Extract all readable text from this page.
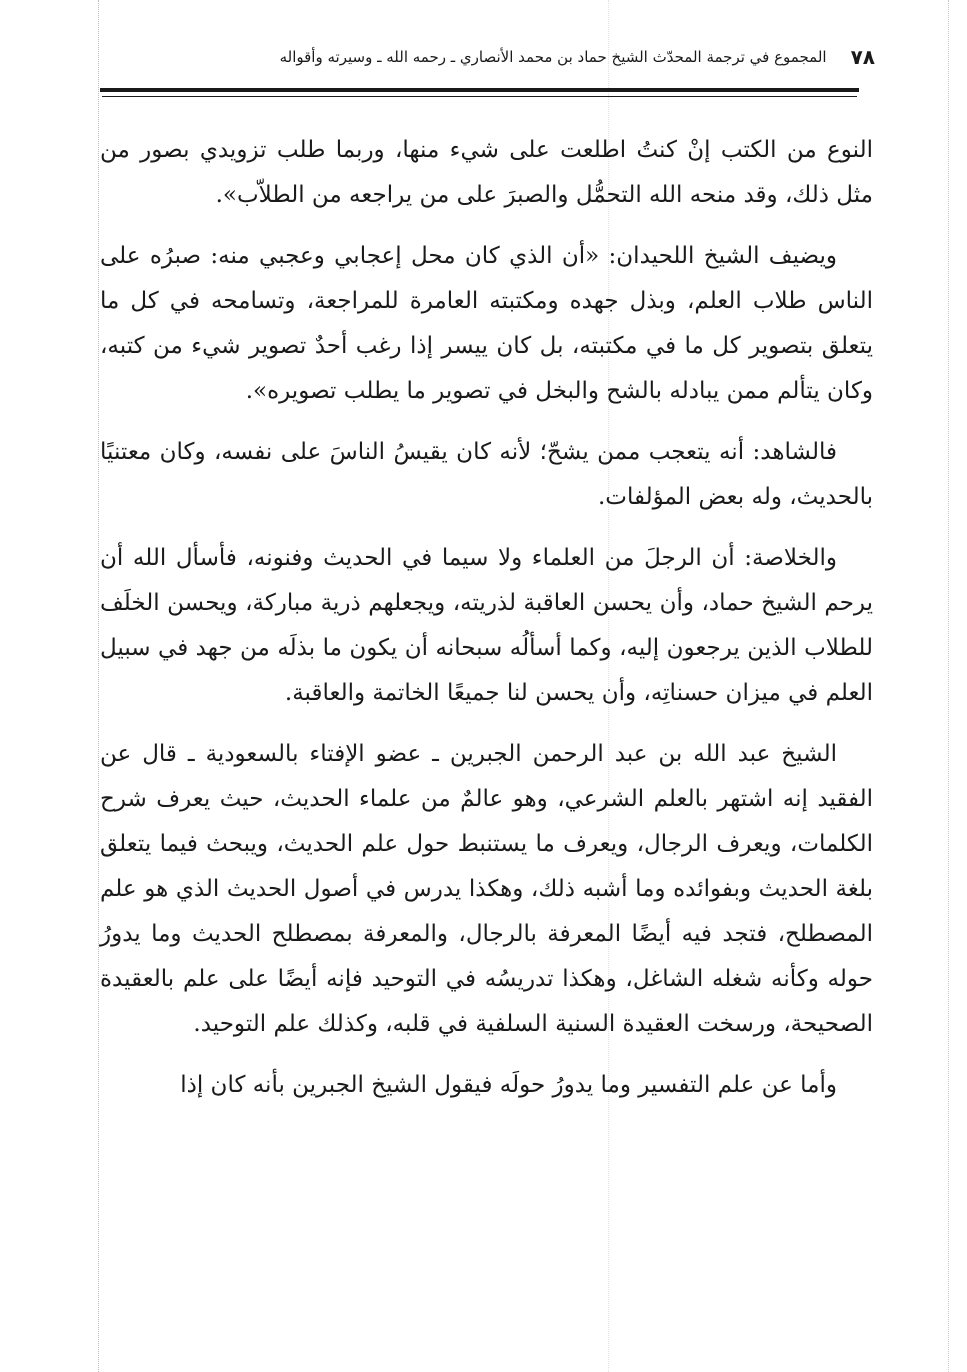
٧٨
المجموع في ترجمة المحدّث الشيخ حماد بن محمد الأنصاري ـ رحمه الله ـ وسيرته وأقواله

النوع من الكتب إنْ كنتُ اطلعت على شيء منها، وربما طلب تزويدي بصور من مثل ذلك، وقد منحه الله التحمُّل والصبرَ على من يراجعه من الطلاّب».

ويضيف الشيخ اللحيدان: «أن الذي كان محل إعجابي وعجبي منه: صبرُه على الناس طلاب العلم، وبذل جهده ومكتبته العامرة للمراجعة، وتسامحه في كل ما يتعلق بتصوير كل ما في مكتبته، بل كان ييسر إذا رغب أحدٌ تصوير شيء من كتبه، وكان يتألم ممن يبادله بالشح والبخل في تصوير ما يطلب تصويره».

فالشاهد: أنه يتعجب ممن يشحّ؛ لأنه كان يقيسُ الناسَ على نفسه، وكان معتنيًا بالحديث، وله بعض المؤلفات.

والخلاصة: أن الرجلَ من العلماء ولا سيما في الحديث وفنونه، فأسأل الله أن يرحم الشيخ حماد، وأن يحسن العاقبة لذريته، ويجعلهم ذرية مباركة، ويحسن الخلَف للطلاب الذين يرجعون إليه، وكما أسألُه سبحانه أن يكون ما بذلَه من جهد في سبيل العلم في ميزان حسناتِه، وأن يحسن لنا جميعًا الخاتمة والعاقبة.

الشيخ عبد الله بن عبد الرحمن الجبرين ـ عضو الإفتاء بالسعودية ـ قال عن الفقيد إنه اشتهر بالعلم الشرعي، وهو عالمٌ من علماء الحديث، حيث يعرف شرح الكلمات، ويعرف الرجال، ويعرف ما يستنبط حول علم الحديث، ويبحث فيما يتعلق بلغة الحديث وبفوائده وما أشبه ذلك، وهكذا يدرس في أصول الحديث الذي هو علم المصطلح، فتجد فيه أيضًا المعرفة بالرجال، والمعرفة بمصطلح الحديث وما يدورُ حوله وكأنه شغله الشاغل، وهكذا تدريسُه في التوحيد فإنه أيضًا على علم بالعقيدة الصحيحة، ورسخت العقيدة السنية السلفية في قلبه، وكذلك علم التوحيد.

وأما عن علم التفسير وما يدورُ حولَه فيقول الشيخ الجبرين بأنه كان إذا
